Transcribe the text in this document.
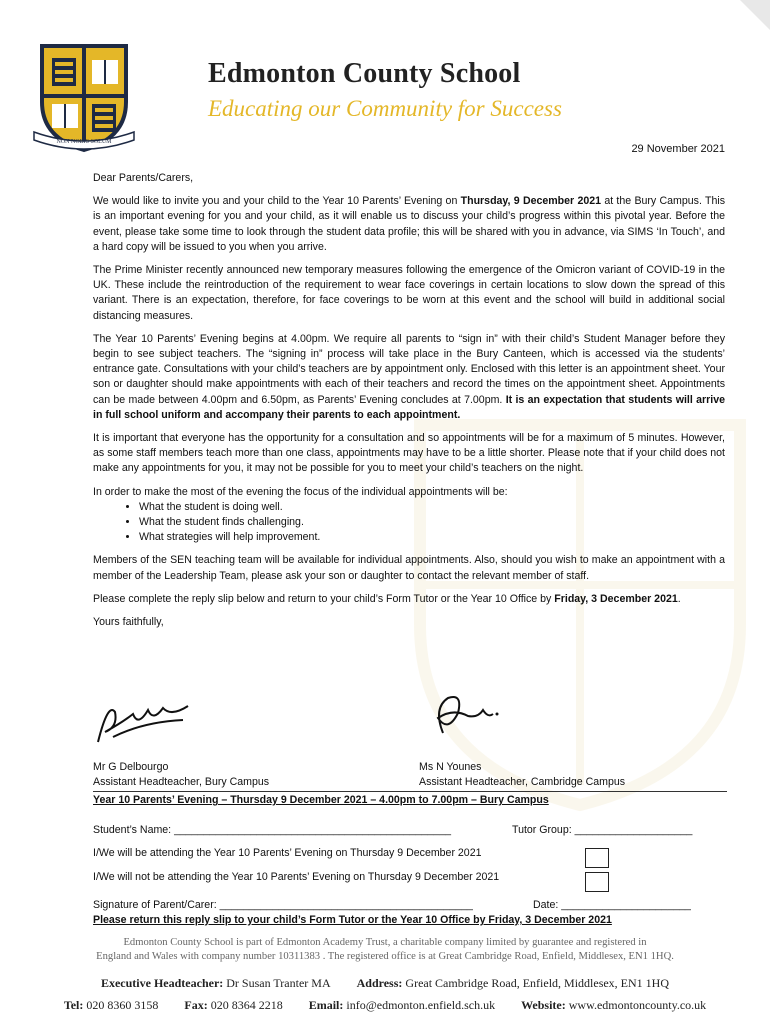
NON NOBIS SOLUM
Edmonton County School
Educating our Community for Success
29 November 2021

Dear Parents/Carers,

We would like to invite you and your child to the Year 10 Parents’ Evening on Thursday, 9 December 2021 at the Bury Campus. This is an important evening for you and your child, as it will enable us to discuss your child’s progress within this pivotal year. Before the event, please take some time to look through the student data profile; this will be shared with you in advance, via SIMS ‘In Touch’, and a hard copy will be issued to you when you arrive.

The Prime Minister recently announced new temporary measures following the emergence of the Omicron variant of COVID-19 in the UK. These include the reintroduction of the requirement to wear face coverings in certain locations to slow down the spread of this variant. There is an expectation, therefore, for face coverings to be worn at this event and the school will build in additional social distancing measures.

The Year 10 Parents’ Evening begins at 4.00pm. We require all parents to “sign in” with their child’s Student Manager before they begin to see subject teachers. The “signing in” process will take place in the Bury Canteen, which is accessed via the students’ entrance gate. Consultations with your child’s teachers are by appointment only. Enclosed with this letter is an appointment sheet. Your son or daughter should make appointments with each of their teachers and record the times on the appointment sheet. Appointments can be made between 4.00pm and 6.50pm, as Parents’ Evening concludes at 7.00pm. It is an expectation that students will arrive in full school uniform and accompany their parents to each appointment.

It is important that everyone has the opportunity for a consultation and so appointments will be for a maximum of 5 minutes. However, as some staff members teach more than one class, appointments may have to be a little shorter. Please note that if your child does not make any appointments for you, it may not be possible for you to meet your child’s teachers on the night.

In order to make the most of the evening the focus of the individual appointments will be:

• What the student is doing well.
• What the student finds challenging.
• What strategies will help improvement.

Members of the SEN teaching team will be available for individual appointments. Also, should you wish to make an appointment with a member of the Leadership Team, please ask your son or daughter to contact the relevant member of staff.

Please complete the reply slip below and return to your child’s Form Tutor or the Year 10 Office by Friday, 3 December 2021.

Yours faithfully,

Mr G Delbourgo
Assistant Headteacher, Bury Campus
Ms N Younes
Assistant Headteacher, Cambridge Campus
Year 10 Parents’ Evening – Thursday 9 December 2021 – 4.00pm to 7.00pm – Bury Campus
Student’s Name: _______________________________________________	Tutor Group: ____________________
I/We will be attending the Year 10 Parents’ Evening on Thursday 9 December 2021
I/We will not be attending the Year 10 Parents’ Evening on Thursday 9 December 2021
Signature of Parent/Carer: ___________________________________________	Date: ______________________
Please return this reply slip to your child’s Form Tutor or the Year 10 Office by Friday, 3 December 2021
Edmonton County School is part of Edmonton Academy Trust, a charitable company limited by guarantee and registered in
England and Wales with company number 10311383 . The registered office is at Great Cambridge Road, Enfield, Middlesex, EN1 1HQ.
Executive Headteacher: Dr Susan Tranter MA Address: Great Cambridge Road, Enfield, Middlesex, EN1 1HQ
Tel: 020 8360 3158 Fax: 020 8364 2218 Email: info@edmonton.enfield.sch.uk Website: www.edmontoncounty.co.uk
